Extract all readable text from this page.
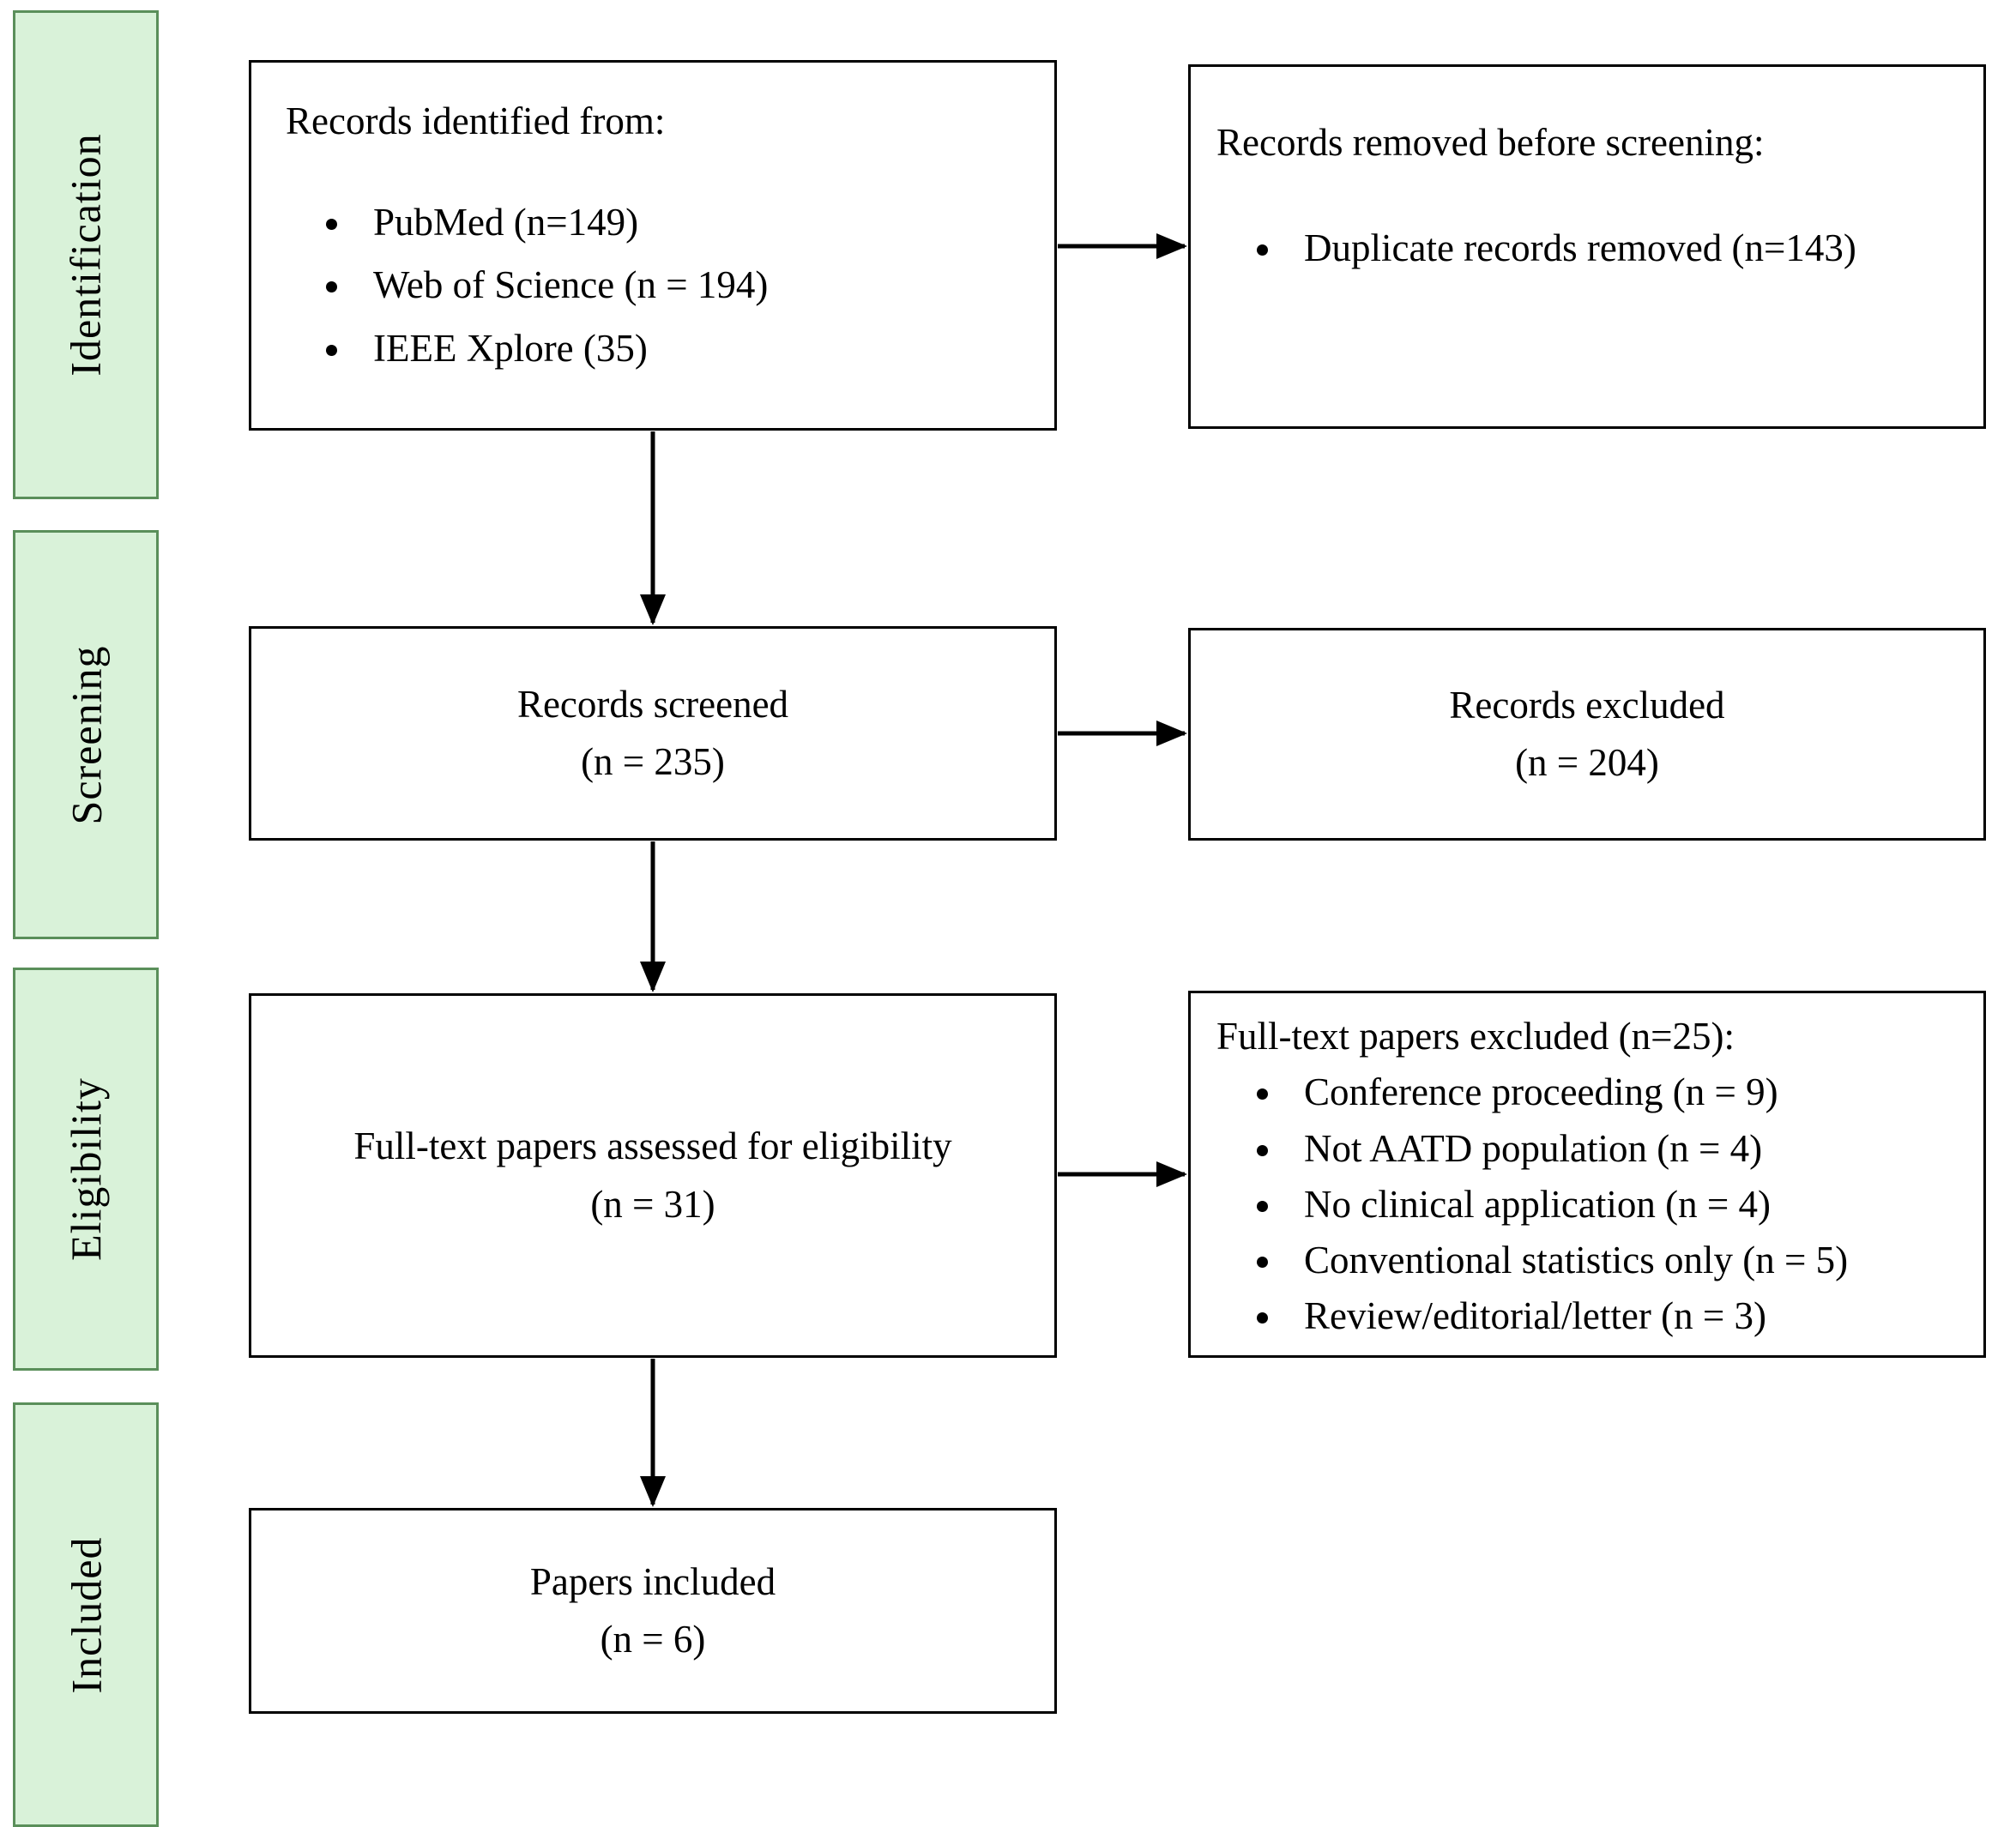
Identification
Screening
Eligibility
Included
Records identified from:
• PubMed (n=149)
• Web of Science (n = 194)
• IEEE Xplore (35)
Records removed before screening:
• Duplicate records removed (n=143)
Records screened
(n = 235)
Records excluded
(n = 204)
Full-text papers assessed for eligibility
(n = 31)
Full-text papers excluded (n=25):
• Conference proceeding (n = 9)
• Not AATD population (n = 4)
• No clinical application (n = 4)
• Conventional statistics only (n = 5)
• Review/editorial/letter (n = 3)
Papers included
(n = 6)
